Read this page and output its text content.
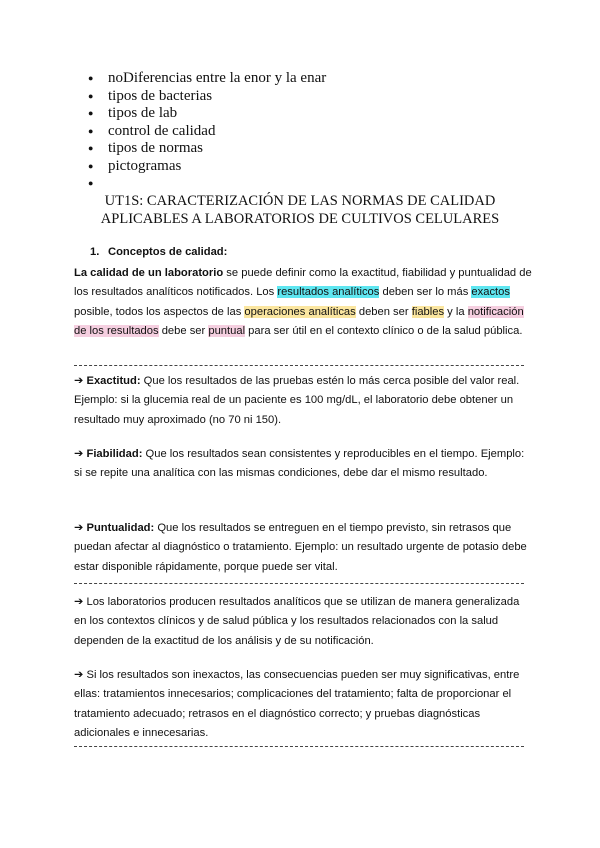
● noDiferencias entre la enor y la enar
● tipos de bacterias
● tipos de lab
● control de calidad
● tipos de normas
● pictogramas
●
UT1S: CARACTERIZACIÓN DE LAS NORMAS DE CALIDAD
APLICABLES A LABORATORIOS DE CULTIVOS CELULARES
1. Conceptos de calidad:
La calidad de un laboratorio se puede definir como la exactitud, fiabilidad y puntualidad de los resultados analíticos notificados. Los resultados analíticos deben ser lo más exactos posible, todos los aspectos de las operaciones analíticas deben ser fiables y la notificación de los resultados debe ser puntual para ser útil en el contexto clínico o de la salud pública.
➔ Exactitud: Que los resultados de las pruebas estén lo más cerca posible del valor real. Ejemplo: si la glucemia real de un paciente es 100 mg/dL, el laboratorio debe obtener un resultado muy aproximado (no 70 ni 150).
➔ Fiabilidad: Que los resultados sean consistentes y reproducibles en el tiempo. Ejemplo: si se repite una analítica con las mismas condiciones, debe dar el mismo resultado.
➔ Puntualidad: Que los resultados se entreguen en el tiempo previsto, sin retrasos que puedan afectar al diagnóstico o tratamiento. Ejemplo: un resultado urgente de potasio debe estar disponible rápidamente, porque puede ser vital.
➔ Los laboratorios producen resultados analíticos que se utilizan de manera generalizada en los contextos clínicos y de salud pública y los resultados relacionados con la salud dependen de la exactitud de los análisis y de su notificación.
➔ Si los resultados son inexactos, las consecuencias pueden ser muy significativas, entre ellas: tratamientos innecesarios; complicaciones del tratamiento; falta de proporcionar el tratamiento adecuado; retrasos en el diagnóstico correcto; y pruebas diagnósticas adicionales e innecesarias.
